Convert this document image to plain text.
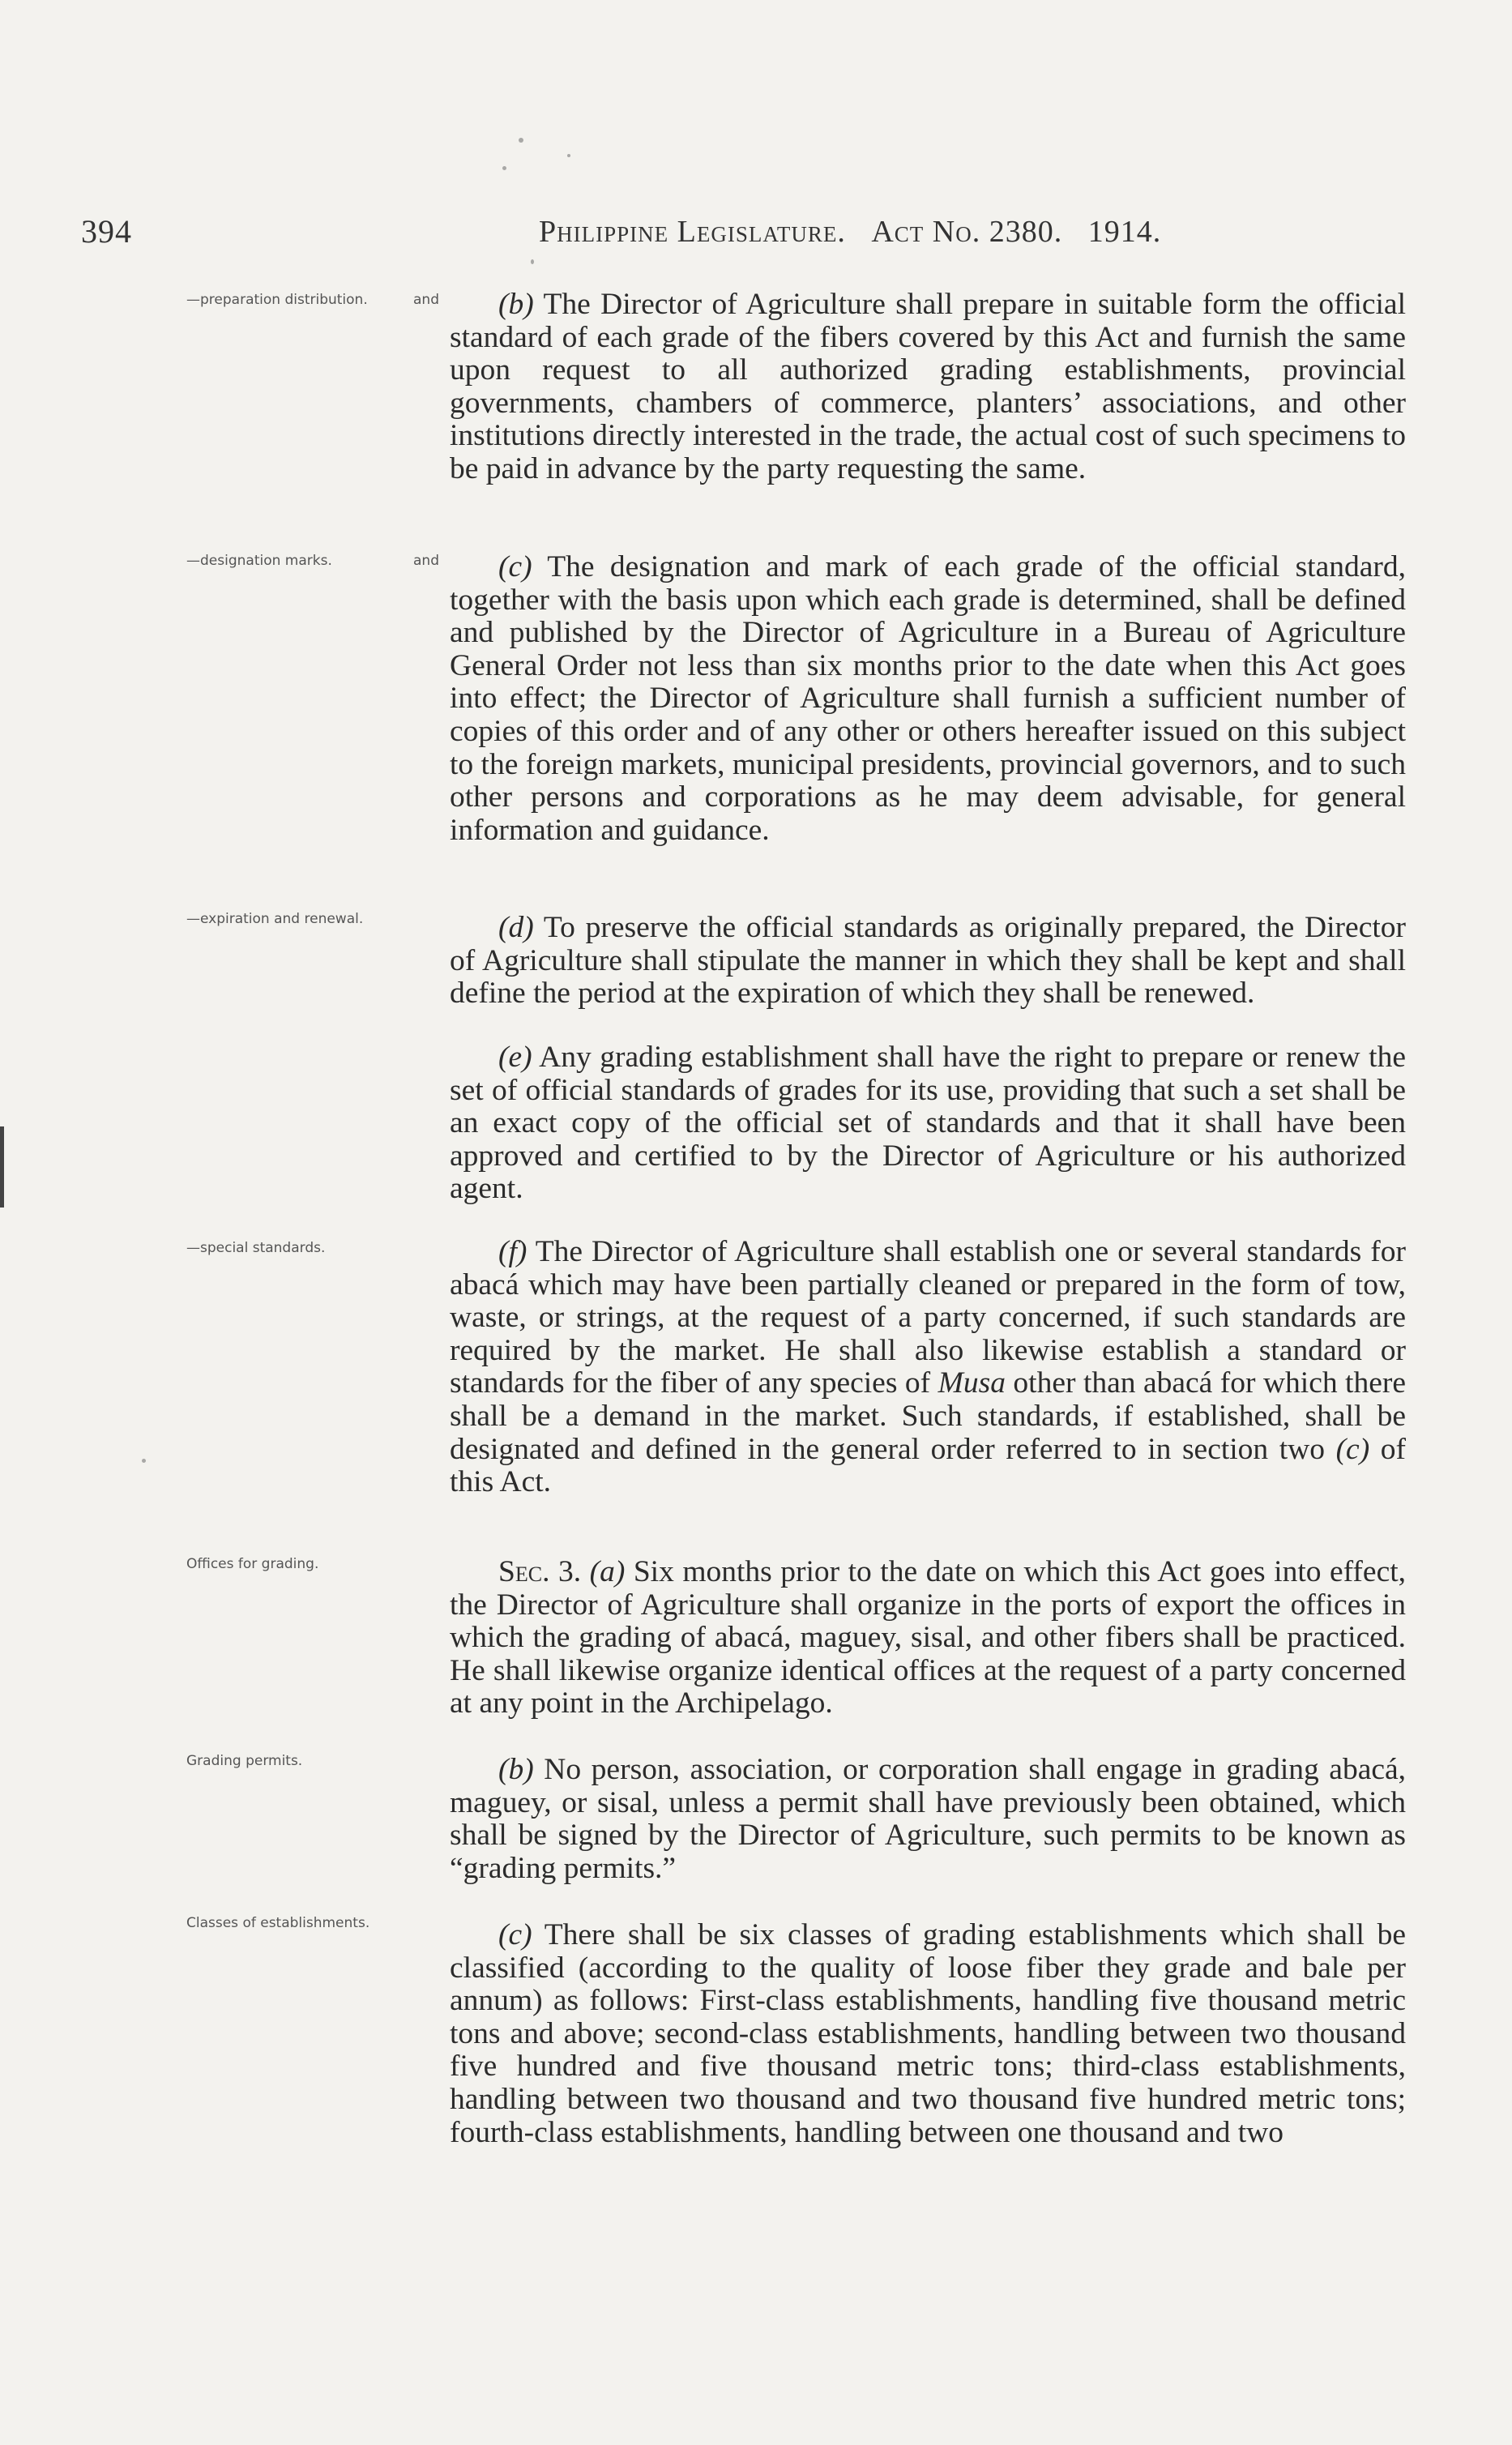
394	Philippine Legislature. Act No. 2380. 1914.
—preparation distribution.	and	(b) The Director of Agriculture shall prepare in suitable form the official standard of each grade of the fibers covered by this Act and furnish the same upon request to all authorized grading establishments, provincial governments, chambers of commerce, planters’ associations, and other institutions directly interested in the trade, the actual cost of such specimens to be paid in advance by the party requesting the same.

—designation marks.	and	(c) The designation and mark of each grade of the official standard, together with the basis upon which each grade is determined, shall be defined and published by the Director of Agriculture in a Bureau of Agriculture General Order not less than six months prior to the date when this Act goes into effect; the Director of Agriculture shall furnish a sufficient number of copies of this order and of any other or others hereafter issued on this subject to the foreign markets, municipal presidents, provincial governors, and to such other persons and corporations as he may deem advisable, for general information and guidance.

—expiration and renewal.	(d) To preserve the official standards as originally prepared, the Director of Agriculture shall stipulate the manner in which they shall be kept and shall define the period at the expiration of which they shall be renewed.

(e) Any grading establishment shall have the right to prepare or renew the set of official standards of grades for its use, providing that such a set shall be an exact copy of the official set of standards and that it shall have been approved and certified to by the Director of Agriculture or his authorized agent.

—special standards.	(f) The Director of Agriculture shall establish one or several standards for abacá which may have been partially cleaned or prepared in the form of tow, waste, or strings, at the request of a party concerned, if such standards are required by the market. He shall also likewise establish a standard or standards for the fiber of any species of Musa other than abacá for which there shall be a demand in the market. Such standards, if established, shall be designated and defined in the general order referred to in section two (c) of this Act.

Offices for grading.	Sec. 3. (a) Six months prior to the date on which this Act goes into effect, the Director of Agriculture shall organize in the ports of export the offices in which the grading of abacá, maguey, sisal, and other fibers shall be practiced. He shall likewise organize identical offices at the request of a party concerned at any point in the Archipelago.

Grading permits.	(b) No person, association, or corporation shall engage in grading abacá, maguey, or sisal, unless a permit shall have previously been obtained, which shall be signed by the Director of Agriculture, such permits to be known as “grading permits.”

Classes of establishments.	(c) There shall be six classes of grading establishments which shall be classified (according to the quality of loose fiber they grade and bale per annum) as follows: First-class establishments, handling five thousand metric tons and above; second-class establishments, handling between two thousand five hundred and five thousand metric tons; third-class establishments, handling between two thousand and two thousand five hundred metric tons; fourth-class establishments, handling between one thousand and two
